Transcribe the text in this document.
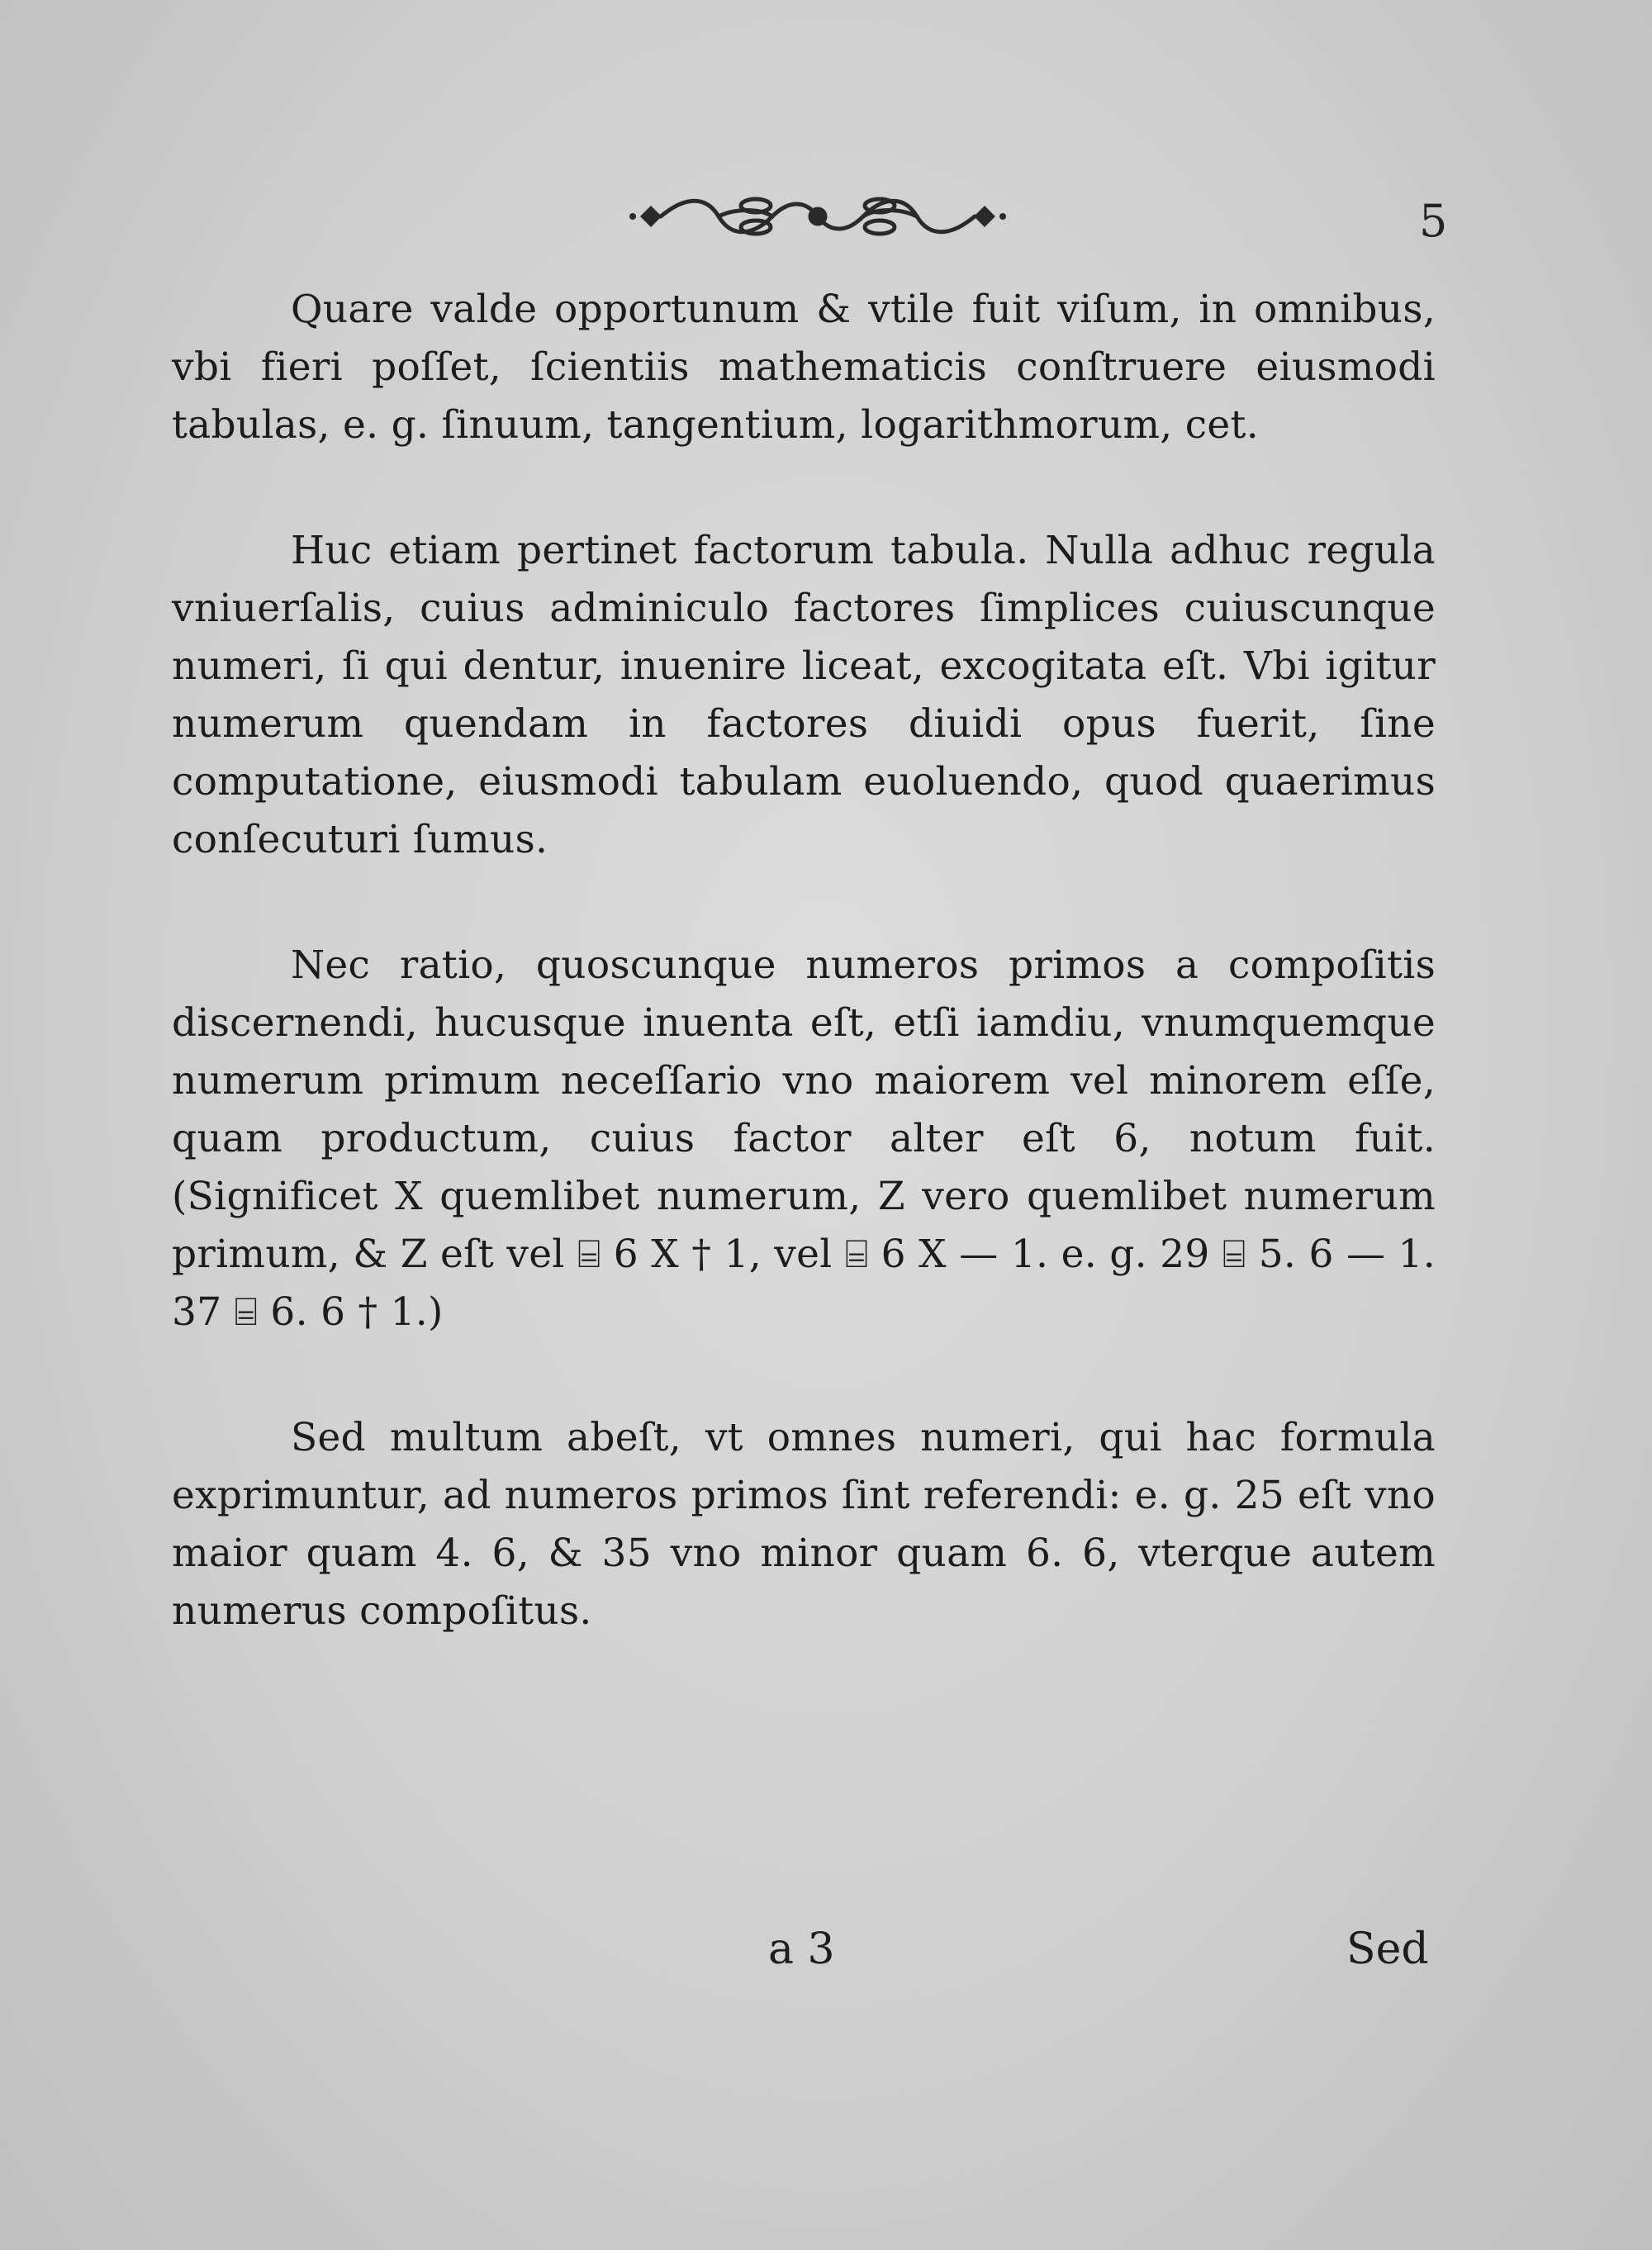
5

Quare valde opportunum & vtile fuit viſum, in omnibus, vbi fieri poſſet, ſcientiis mathematicis conſtruere eiusmodi tabulas, e. g. ſinuum, tangentium, logarithmorum, cet.

Huc etiam pertinet factorum tabula. Nulla adhuc regula vniuerſalis, cuius adminiculo factores ſimplices cuiuscunque numeri, ſi qui dentur, inuenire liceat, excogitata eſt. Vbi igitur numerum quendam in factores diuidi opus fuerit, ſine computatione, eiusmodi tabulam euoluendo, quod quaerimus conſecuturi ſumus.

Nec ratio, quoscunque numeros primos a compoſitis discernendi, hucusque inuenta eſt, etſi iamdiu, vnumquemque numerum primum neceſſario vno maiorem vel minorem eſſe, quam productum, cuius factor alter eſt 6, notum fuit. (Significet X quemlibet numerum, Z vero quemlibet numerum primum, & Z eſt vel ⌸ 6 X † 1, vel ⌸ 6 X — 1. e. g. 29 ⌸ 5. 6 — 1. 37 ⌸ 6. 6 † 1.)

Sed multum abeſt, vt omnes numeri, qui hac formula exprimuntur, ad numeros primos ſint referendi: e. g. 25 eſt vno maior quam 4. 6, & 35 vno minor quam 6. 6, vterque autem numerus compoſitus.

a 3	Sed
